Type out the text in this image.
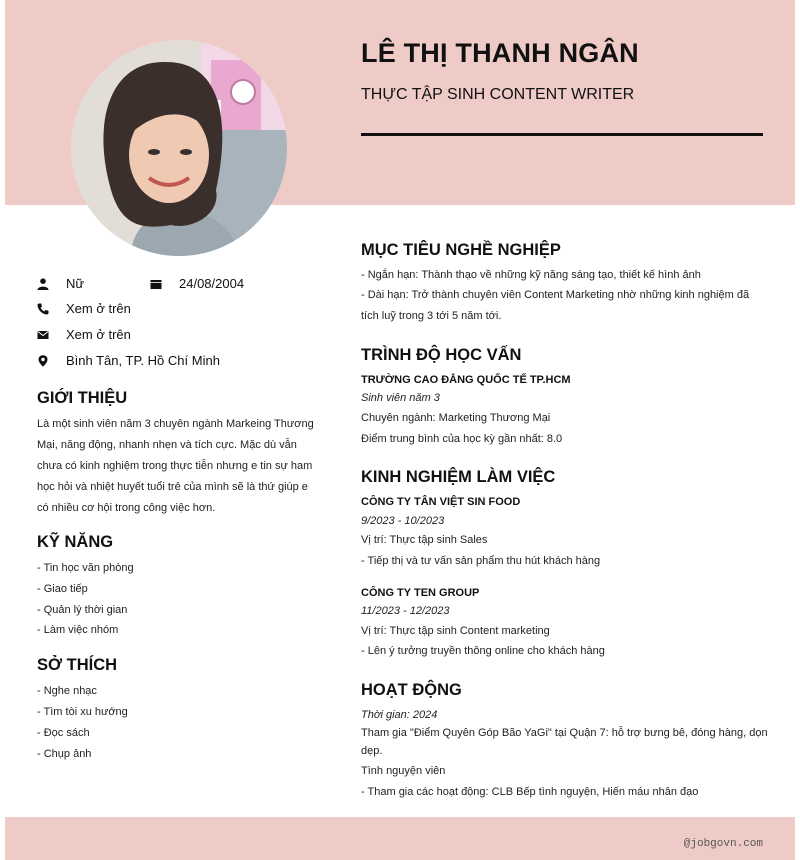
LÊ THỊ THANH NGÂN
THỰC TẬP SINH CONTENT WRITER
Nữ	24/08/2004
Xem ở trên
Xem ở trên
Bình Tân, TP. Hồ Chí Minh
GIỚI THIỆU
Là một sinh viên năm 3 chuyên ngành Markeing Thương Mại, năng động, nhanh nhẹn và tích cực. Mặc dù vẫn chưa có kinh nghiệm trong thực tiễn nhưng e tin sự ham học hỏi và nhiệt huyết tuổi trẻ của mình sẽ là thứ giúp e có nhiều cơ hội trong công việc hơn.
KỸ NĂNG
- Tin học văn phòng
- Giao tiếp
- Quản lý thời gian
- Làm việc nhóm
SỞ THÍCH
- Nghe nhạc
- Tìm tòi xu hướng
- Đọc sách
- Chụp ảnh
MỤC TIÊU NGHỀ NGHIỆP
- Ngắn hạn: Thành thạo về những kỹ năng sáng tạo, thiết kế hình ảnh
- Dài hạn: Trở thành chuyên viên Content Marketing nhờ những kinh nghiệm đã tích luỹ trong 3 tới 5 năm tới.
TRÌNH ĐỘ HỌC VẤN
TRƯỜNG CAO ĐẲNG QUỐC TẾ TP.HCM
Sinh viên năm 3
Chuyên ngành: Marketing Thương Mại
Điểm trung bình của học kỳ gần nhất: 8.0
KINH NGHIỆM LÀM VIỆC
CÔNG TY TÂN VIỆT SIN FOOD
9/2023 - 10/2023
Vị trí: Thực tập sinh Sales
- Tiếp thị và tư vấn sản phẩm thu hút khách hàng
CÔNG TY TEN GROUP
11/2023 - 12/2023
Vị trí: Thực tập sinh Content marketing
- Lên ý tưởng truyền thông online cho khách hàng
HOẠT ĐỘNG
Thời gian: 2024
Tham gia "Điểm Quyên Góp Bão YaGi" tại Quận 7: hỗ trợ bưng bê, đóng hàng, dọn dẹp.
Tình nguyện viên
- Tham gia các hoạt động: CLB Bếp tình nguyện, Hiến máu nhân đạo
@jobgovn.com
